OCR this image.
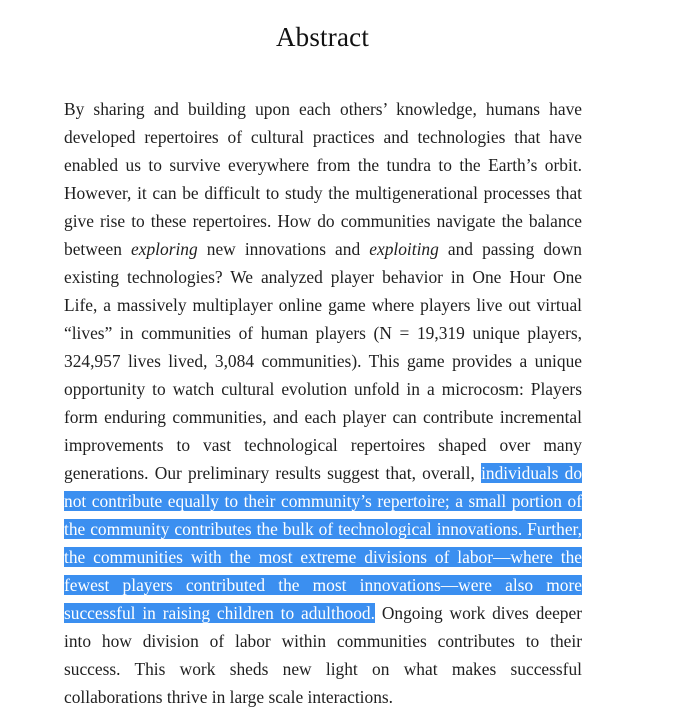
Abstract

By sharing and building upon each others’ knowledge, humans have developed repertoires of cultural practices and technologies that have enabled us to survive everywhere from the tundra to the Earth’s orbit. However, it can be difficult to study the multigenerational processes that give rise to these repertoires. How do communities navigate the balance between exploring new innovations and exploiting and passing down existing technologies? We analyzed player behavior in One Hour One Life, a massively multiplayer online game where players live out virtual “lives” in communities of human players (N = 19,319 unique players, 324,957 lives lived, 3,084 communities). This game provides a unique opportunity to watch cultural evolution unfold in a microcosm: Players form enduring communities, and each player can contribute incremental improvements to vast technological repertoires shaped over many generations. Our preliminary results suggest that, overall, individuals do not contribute equally to their community’s repertoire; a small portion of the community contributes the bulk of technological innovations. Further, the communities with the most extreme divisions of labor—where the fewest players contributed the most innovations—were also more successful in raising children to adulthood. Ongoing work dives deeper into how division of labor within communities contributes to their success. This work sheds new light on what makes successful collaborations thrive in large scale interactions.
